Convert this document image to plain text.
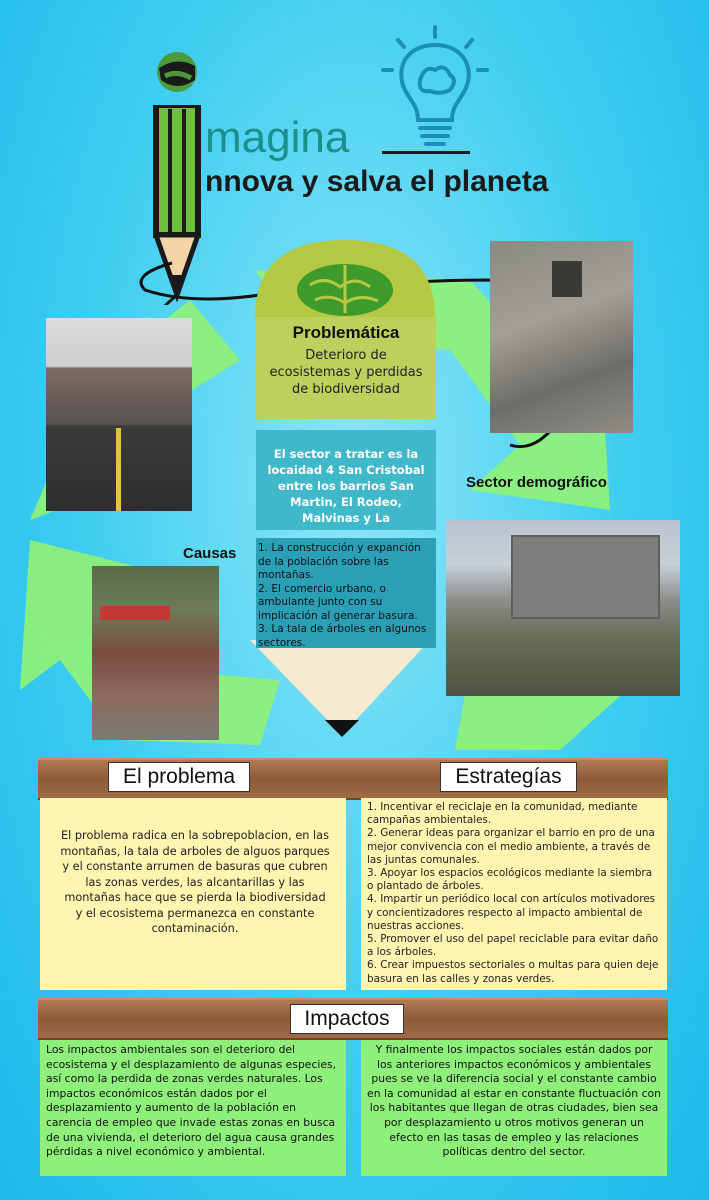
magina
nnova y salva el planeta
Problemática
Deterioro de ecosistemas y perdidas de biodiversidad
El sector a tratar es la locaidad 4 San Cristobal entre los barrios San Martin, El Rodeo, Malvinas y La
1. La construcción y expanción de la población sobre las montañas.
2. El comercio urbano, o ambulante junto con su implicación al generar basura.
3. La tala de árboles en algunos sectores.
Sector demográfico
Causas
El problema	Estrategías
El problema radica en la sobrepoblacion, en las montañas, la tala de arboles de alguos parques y el constante arrumen de basuras que cubren las zonas verdes, las alcantarillas y las montañas hace que se pierda la biodiversidad y el ecosistema permanezca en constante contaminación.
1. Incentivar el reciclaje en la comunidad, mediante campañas ambientales.
2. Generar ideas para organizar el barrio en pro de una mejor convivencia con el medio ambiente, a través de las juntas comunales.
3. Apoyar los espacios ecológicos mediante la siembra o plantado de árboles.
4. Impartir un periódico local con artículos motivadores y concientizadores respecto al impacto ambiental de nuestras acciones.
5. Promover el uso del papel reciclable para evitar daño a los árboles.
6. Crear impuestos sectoriales o multas para quien deje basura en las calles y zonas verdes.
Impactos
Los impactos ambientales son el deterioro del ecosistema y el desplazamiento de algunas especies, así como la perdida de zonas verdes naturales. Los impactos económicos están dados por el desplazamiento y aumento de la población en carencia de empleo que invade estas zonas en busca de una vivienda, el deterioro del agua causa grandes pérdidas a nivel económico y ambiental.
Y finalmente los impactos sociales están dados por los anteriores impactos económicos y ambientales pues se ve la diferencia social y el constante cambio en la comunidad al estar en constante fluctuación con los habitantes que llegan de otras ciudades, bien sea por desplazamiento u otros motivos generan un efecto en las tasas de empleo y las relaciones políticas dentro del sector.
